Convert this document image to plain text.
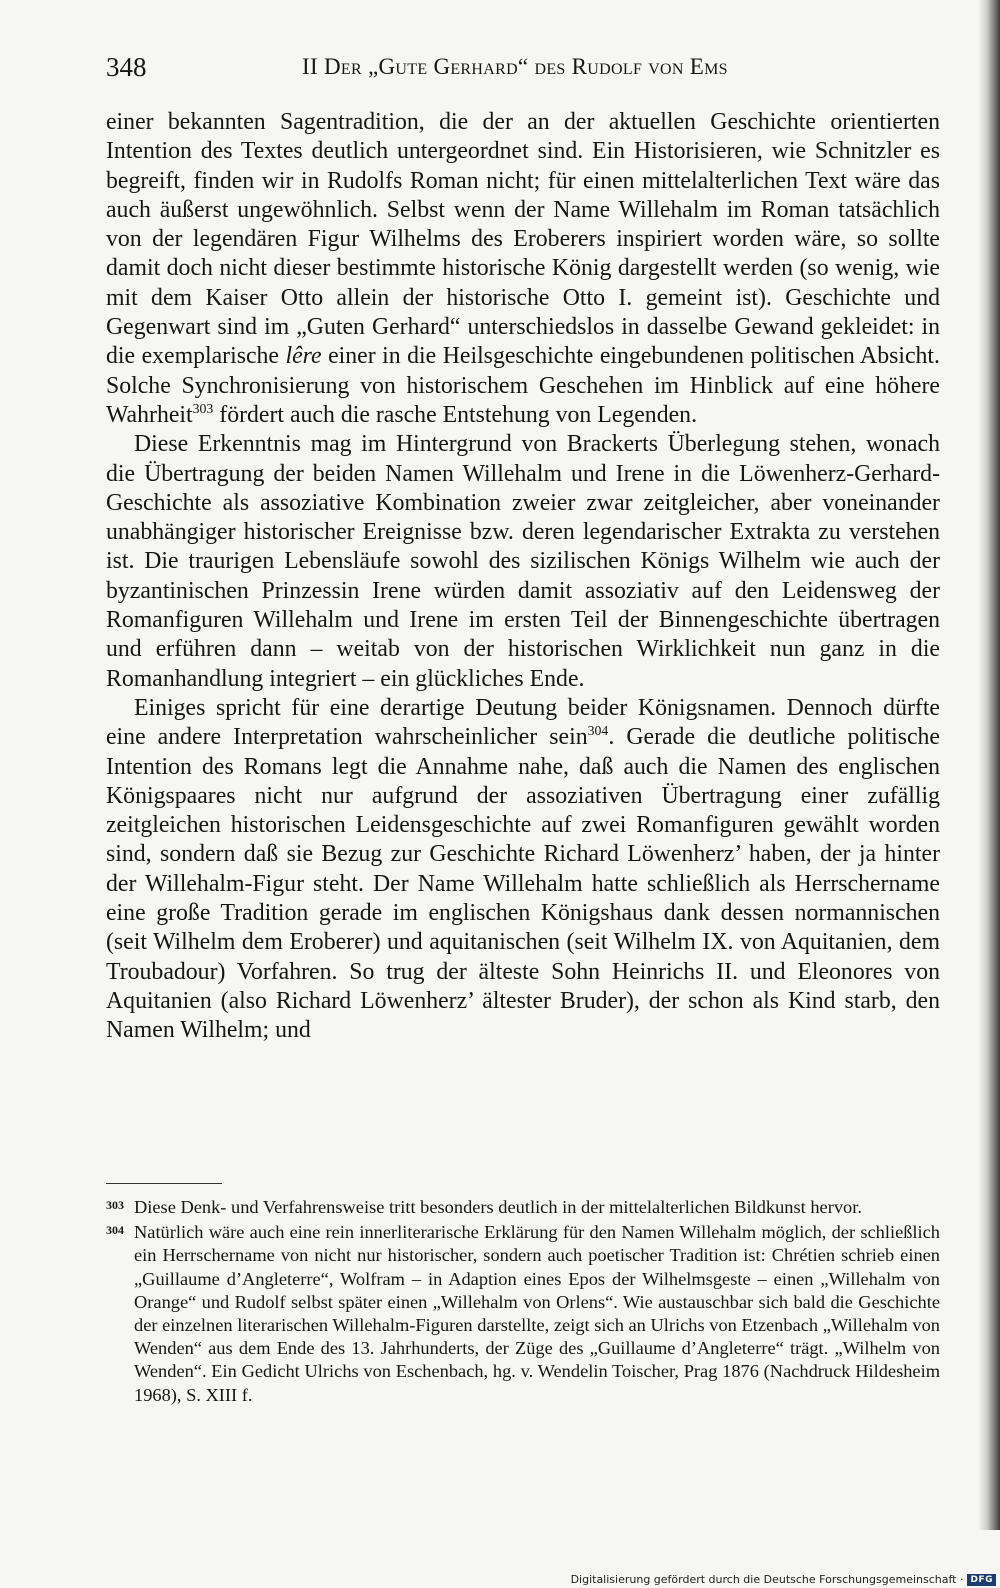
348	II Der „Gute Gerhard“ des Rudolf von Ems

einer bekannten Sagentradition, die der an der aktuellen Geschichte orientierten Intention des Textes deutlich untergeordnet sind. Ein Historisieren, wie Schnitzler es begreift, finden wir in Rudolfs Roman nicht; für einen mittelalterlichen Text wäre das auch äußerst ungewöhnlich. Selbst wenn der Name Willehalm im Roman tatsächlich von der legendären Figur Wilhelms des Eroberers inspiriert worden wäre, so sollte damit doch nicht dieser bestimmte historische König dargestellt werden (so wenig, wie mit dem Kaiser Otto allein der historische Otto I. gemeint ist). Geschichte und Gegenwart sind im „Guten Gerhard“ unterschiedslos in dasselbe Gewand gekleidet: in die exemplarische lêre einer in die Heilsgeschichte eingebundenen politischen Absicht. Solche Synchronisierung von historischem Geschehen im Hinblick auf eine höhere Wahrheit$^{303}$ fördert auch die rasche Entstehung von Legenden.

Diese Erkenntnis mag im Hintergrund von Brackerts Überlegung stehen, wonach die Übertragung der beiden Namen Willehalm und Irene in die Löwenherz-Gerhard-Geschichte als assoziative Kombination zweier zwar zeitgleicher, aber voneinander unabhängiger historischer Ereignisse bzw. deren legendarischer Extrakta zu verstehen ist. Die traurigen Lebensläufe sowohl des sizilischen Königs Wilhelm wie auch der byzantinischen Prinzessin Irene würden damit assoziativ auf den Leidensweg der Romanfiguren Willehalm und Irene im ersten Teil der Binnengeschichte übertragen und erführen dann – weitab von der historischen Wirklichkeit nun ganz in die Romanhandlung integriert – ein glückliches Ende.

Einiges spricht für eine derartige Deutung beider Königsnamen. Dennoch dürfte eine andere Interpretation wahrscheinlicher sein$^{304}$. Gerade die deutliche politische Intention des Romans legt die Annahme nahe, daß auch die Namen des englischen Königspaares nicht nur aufgrund der assoziativen Übertragung einer zufällig zeitgleichen historischen Leidensgeschichte auf zwei Romanfiguren gewählt worden sind, sondern daß sie Bezug zur Geschichte Richard Löwenherz’ haben, der ja hinter der Willehalm-Figur steht. Der Name Willehalm hatte schließlich als Herrschername eine große Tradition gerade im englischen Königshaus dank dessen normannischen (seit Wilhelm dem Eroberer) und aquitanischen (seit Wilhelm IX. von Aquitanien, dem Troubadour) Vorfahren. So trug der älteste Sohn Heinrichs II. und Eleonores von Aquitanien (also Richard Löwenherz’ ältester Bruder), der schon als Kind starb, den Namen Wilhelm; und

303 Diese Denk- und Verfahrensweise tritt besonders deutlich in der mittelalterlichen Bildkunst hervor.
304 Natürlich wäre auch eine rein innerliterarische Erklärung für den Namen Willehalm möglich, der schließlich ein Herrschername von nicht nur historischer, sondern auch poetischer Tradition ist: Chrétien schrieb einen „Guillaume d’Angleterre“, Wolfram – in Adaption eines Epos der Wilhelmsgeste – einen „Willehalm von Orange“ und Rudolf selbst später einen „Willehalm von Orlens“. Wie austauschbar sich bald die Geschichte der einzelnen literarischen Willehalm-Figuren darstellte, zeigt sich an Ulrichs von Etzenbach „Willehalm von Wenden“ aus dem Ende des 13. Jahrhunderts, der Züge des „Guillaume d’Angleterre“ trägt. „Wilhelm von Wenden“. Ein Gedicht Ulrichs von Eschenbach, hg. v. Wendelin Toischer, Prag 1876 (Nachdruck Hildesheim 1968), S. XIII f.
Digitalisierung gefördert durch die Deutsche Forschungsgemeinschaft · DFG
